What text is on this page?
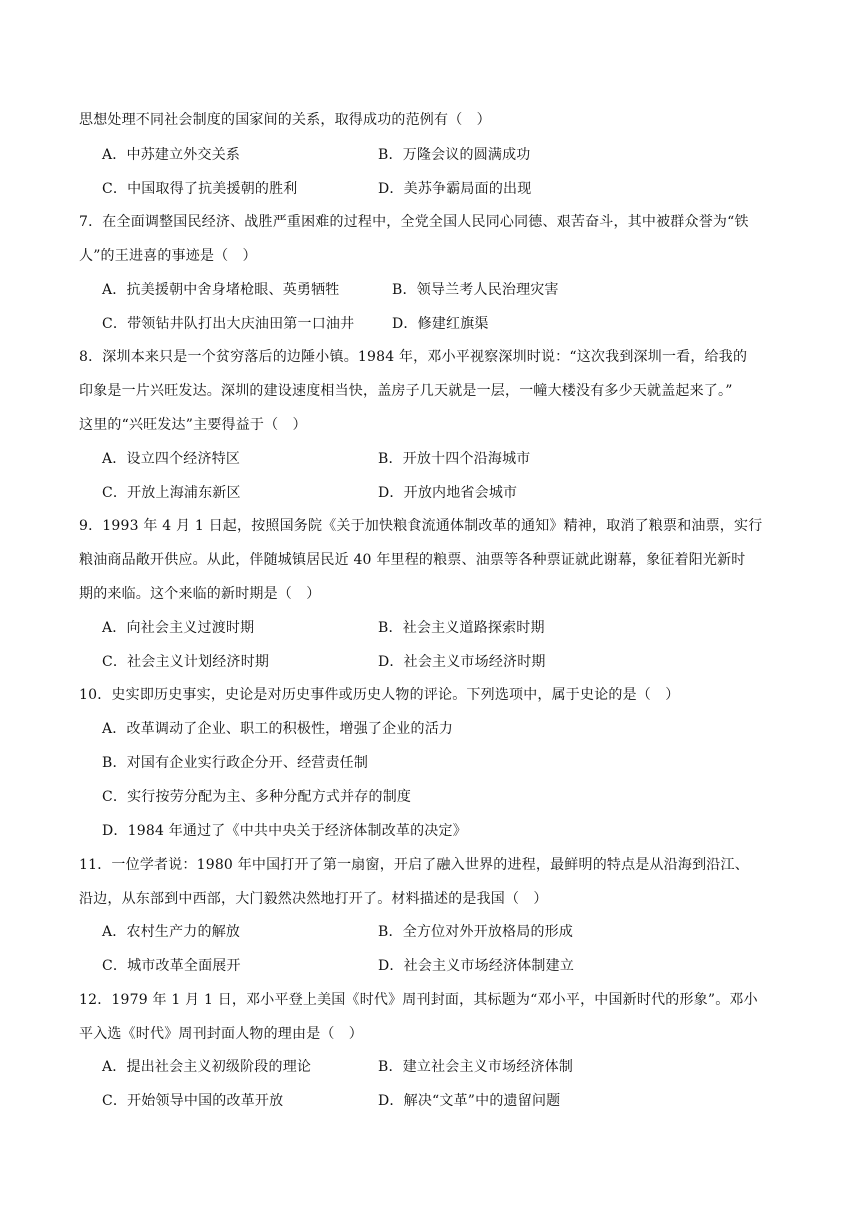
思想处理不同社会制度的国家间的关系，取得成功的范例有（　）
A．中苏建立外交关系	B．万隆会议的圆满成功
C．中国取得了抗美援朝的胜利	D．美苏争霸局面的出现
7．在全面调整国民经济、战胜严重困难的过程中，全党全国人民同心同德、艰苦奋斗，其中被群众誉为“铁
人”的王进喜的事迹是（　）
A．抗美援朝中舍身堵枪眼、英勇牺牲	B．领导兰考人民治理灾害
C．带领钻井队打出大庆油田第一口油井	D．修建红旗渠
8．深圳本来只是一个贫穷落后的边陲小镇。1984 年，邓小平视察深圳时说：“这次我到深圳一看，给我的
印象是一片兴旺发达。深圳的建设速度相当快，盖房子几天就是一层，一幢大楼没有多少天就盖起来了。”
这里的“兴旺发达”主要得益于（　）
A．设立四个经济特区	B．开放十四个沿海城市
C．开放上海浦东新区	D．开放内地省会城市
9．1993 年 4 月 1 日起，按照国务院《关于加快粮食流通体制改革的通知》精神，取消了粮票和油票，实行
粮油商品敞开供应。从此，伴随城镇居民近 40 年里程的粮票、油票等各种票证就此谢幕，象征着阳光新时
期的来临。这个来临的新时期是（　）
A．向社会主义过渡时期	B．社会主义道路探索时期
C．社会主义计划经济时期	D．社会主义市场经济时期
10．史实即历史事实，史论是对历史事件或历史人物的评论。下列选项中，属于史论的是（　）
A．改革调动了企业、职工的积极性，增强了企业的活力
B．对国有企业实行政企分开、经营责任制
C．实行按劳分配为主、多种分配方式并存的制度
D．1984 年通过了《中共中央关于经济体制改革的决定》
11．一位学者说：1980 年中国打开了第一扇窗，开启了融入世界的进程，最鲜明的特点是从沿海到沿江、
沿边，从东部到中西部，大门毅然决然地打开了。材料描述的是我国（　）
A．农村生产力的解放	B．全方位对外开放格局的形成
C．城市改革全面展开	D．社会主义市场经济体制建立
12．1979 年 1 月 1 日，邓小平登上美国《时代》周刊封面，其标题为“邓小平，中国新时代的形象”。邓小
平入选《时代》周刊封面人物的理由是（　）
A．提出社会主义初级阶段的理论	B．建立社会主义市场经济体制
C．开始领导中国的改革开放	D．解决“文革”中的遗留问题
